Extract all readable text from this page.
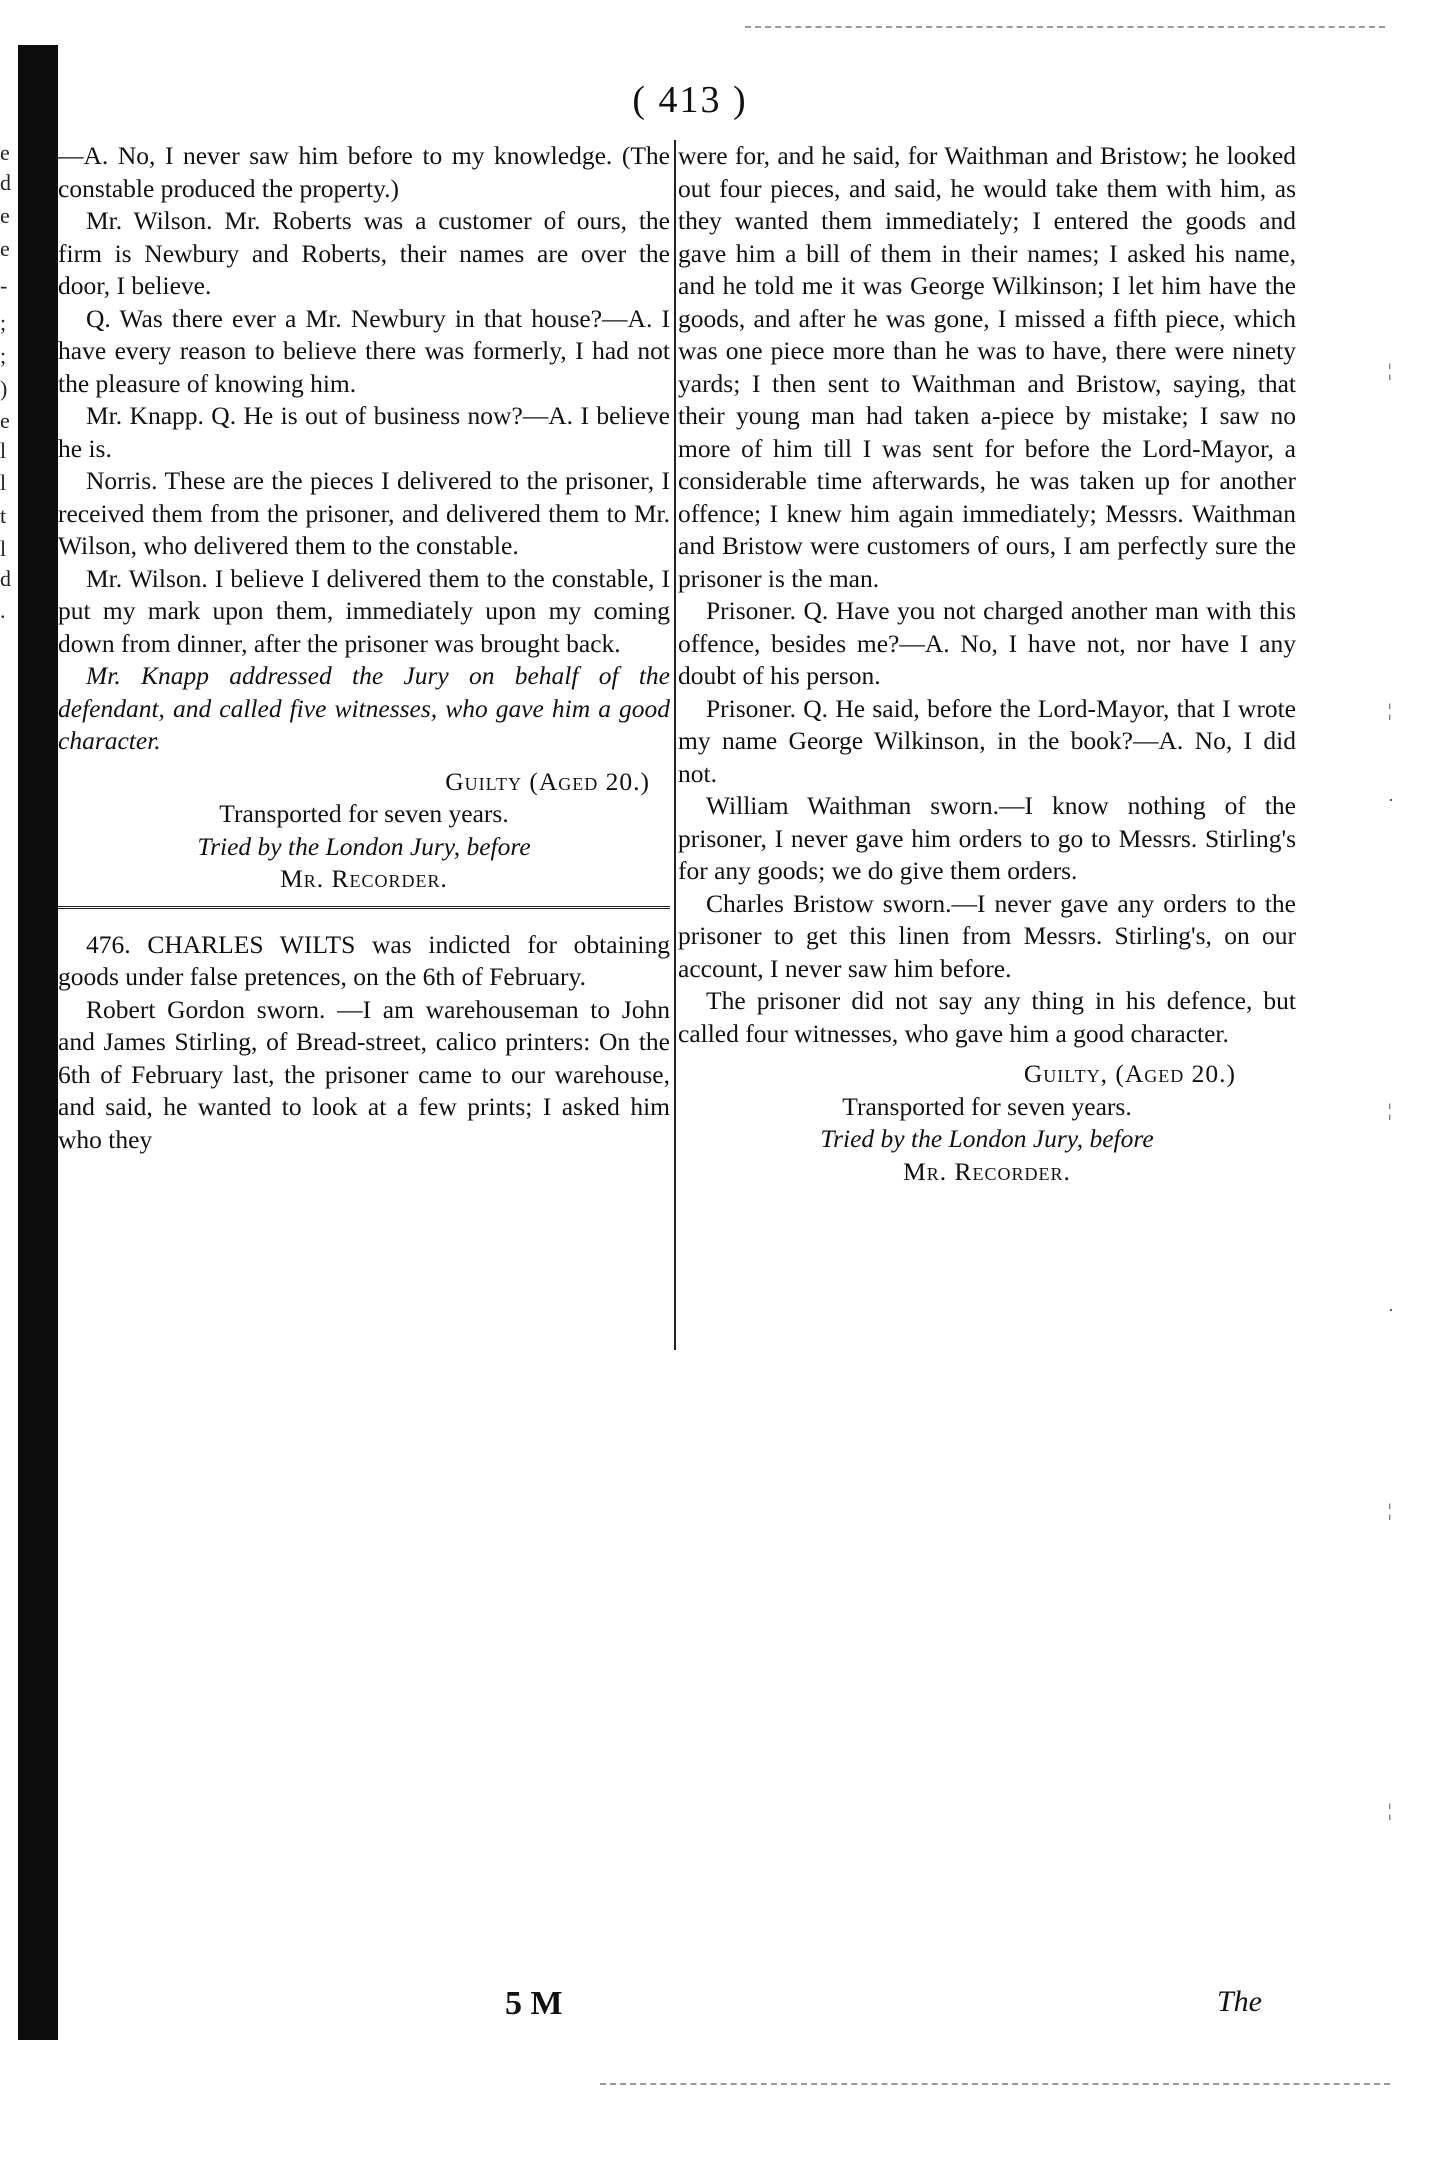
e
d
e
e
-
;
;
)
e
l
l
t
l
d
.
( 413 )

—A. No, I never saw him before to my knowledge. (The constable produced the property.)

Mr. Wilson. Mr. Roberts was a customer of ours, the firm is Newbury and Roberts, their names are over the door, I believe.

Q. Was there ever a Mr. Newbury in that house?—A. I have every reason to believe there was formerly, I had not the pleasure of knowing him.

Mr. Knapp. Q. He is out of business now?—A. I believe he is.

Norris. These are the pieces I delivered to the prisoner, I received them from the prisoner, and delivered them to Mr. Wilson, who delivered them to the constable.

Mr. Wilson. I believe I delivered them to the constable, I put my mark upon them, immediately upon my coming down from dinner, after the prisoner was brought back.

Mr. Knapp addressed the Jury on behalf of the defendant, and called five witnesses, who gave him a good character.

Guilty (Aged 20.)

Transported for seven years.

Tried by the London Jury, before

Mr. Recorder.

476. CHARLES WILTS was indicted for obtaining goods under false pretences, on the 6th of February.

Robert Gordon sworn. —I am warehouseman to John and James Stirling, of Bread-street, calico printers: On the 6th of February last, the prisoner came to our warehouse, and said, he wanted to look at a few prints; I asked him who they

were for, and he said, for Waithman and Bristow; he looked out four pieces, and said, he would take them with him, as they wanted them immediately; I entered the goods and gave him a bill of them in their names; I asked his name, and he told me it was George Wilkinson; I let him have the goods, and after he was gone, I missed a fifth piece, which was one piece more than he was to have, there were ninety yards; I then sent to Waithman and Bristow, saying, that their young man had taken a-piece by mistake; I saw no more of him till I was sent for before the Lord-Mayor, a considerable time afterwards, he was taken up for another offence; I knew him again immediately; Messrs. Waithman and Bristow were customers of ours, I am perfectly sure the prisoner is the man.

Prisoner. Q. Have you not charged another man with this offence, besides me?—A. No, I have not, nor have I any doubt of his person.

Prisoner. Q. He said, before the Lord-Mayor, that I wrote my name George Wilkinson, in the book?—A. No, I did not.

William Waithman sworn.—I know nothing of the prisoner, I never gave him orders to go to Messrs. Stirling's for any goods; we do give them orders.

Charles Bristow sworn.—I never gave any orders to the prisoner to get this linen from Messrs. Stirling's, on our account, I never saw him before.

The prisoner did not say any thing in his defence, but called four witnesses, who gave him a good character.

Guilty, (Aged 20.)

Transported for seven years.

Tried by the London Jury, before

Mr. Recorder.

¦
¦
·
¦
·
¦
¦
5 M	The
